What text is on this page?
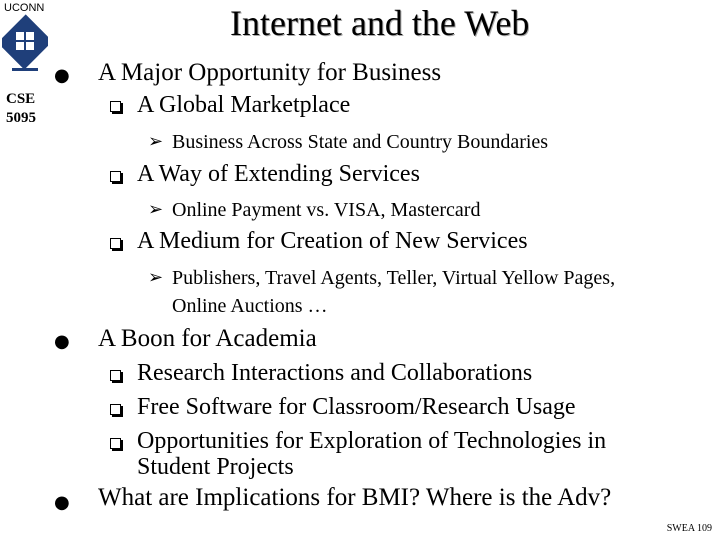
UCONN
CSE
5095
Internet and the Web
● A Major Opportunity for Business
A Global Marketplace
➢ Business Across State and Country Boundaries
A Way of Extending Services
➢ Online Payment vs. VISA, Mastercard
A Medium for Creation of New Services
➢ Publishers, Travel Agents, Teller, Virtual Yellow Pages,
Online Auctions …
● A Boon for Academia
Research Interactions and Collaborations
Free Software for Classroom/Research Usage
Opportunities for Exploration of Technologies in
Student Projects
● What are Implications for BMI? Where is the Adv?
SWEA 109
